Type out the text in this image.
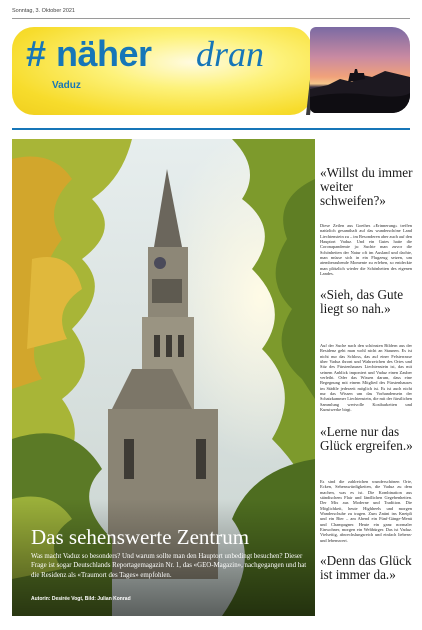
Sonntag, 3. Oktober 2021
# näher dran
Vaduz
Das sehenswerte Zentrum
Was macht Vaduz so besonders? Und warum sollte man den Hauptort unbedingt besuchen? Dieser Frage ist sogar Deutschlands Reportagemagazin Nr. 1, das «GEO-Magazin», nachgegangen und hat die Residenz als «Traumort des Tages» empfohlen.
Autorin: Desirée Vogt, Bild: Julian Konrad
«Willst du immer weiter schweifen?»
Diese Zeilen aus Goethes «Erinnerung» treffen natürlich gesamthaft auf das wunderschöne Land Liechtenstein zu – im Besonderen aber auch auf den Hauptort Vaduz. Und ein Gutes hatte die Coronapandemie ja: Suchte man zuvor die Schönheiten der Natur oft im Ausland und dachte, man müsse sich in ein Flugzeug setzen, um atemberaubende Momente zu erleben, so entdeckte man plötzlich wieder die Schönheiten des eigenen Landes.
«Sieh, das Gute liegt so nah.»
Auf der Suche nach den schönsten Bildern aus der Residenz geht man wohl nicht an Staunen. Es ist nicht nur das Schloss, das auf einer Felsterrasse über Vaduz thront und Wahrzeichen des Ortes und Sitz des Fürstenhauses Liechtenstein ist, das mit seinem Anblick imponiert und Vaduz einen Zauber verleiht. Oder das Wissen darum, dass eine Begegnung mit einem Mitglied des Fürstenhauses im Städtle jederzeit möglich ist. Es ist auch nicht nur das Wissen um das Vorhandensein der Schatzkammer Liechtenstein, die mit der fürstlichen Sammlung wertvolle Kostbarkeiten und Kunstwerke birgt.
«Lerne nur das Glück ergreifen.»
Es sind die zahlreichen wunderschönen Orte, Ecken, Sehenswürdigkeiten, die Vaduz zu dem machen, was es ist. Die Kombination aus ständischem Flair und ländlichen Gegebenheiten. Der Mix aus Moderne und Tradition. Die Möglichkeit, heute Highheels und morgen Wanderschuhe zu tragen. Zum Znüni ins Kneipli und ein Bier – am Abend ein Fünf-Gänge-Menü und Champagner. Heute ein ganz normaler Einwohner, morgen ein Weltbürger. Das ist Vaduz. Vielseitig, abwechslungsreich und einfach liebens- und lebenswert.
«Denn das Glück ist immer da.»
